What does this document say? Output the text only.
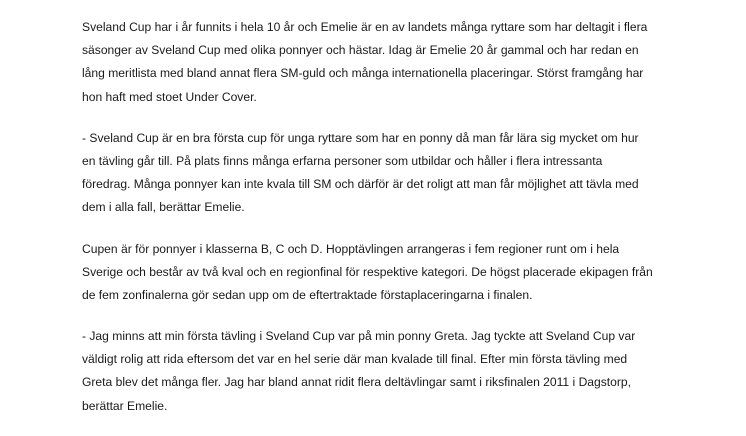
Sveland Cup har i år funnits i hela 10 år och Emelie är en av landets många ryttare som har deltagit i flera
säsonger av Sveland Cup med olika ponnyer och hästar. Idag är Emelie 20 år gammal och har redan en
lång meritlista med bland annat flera SM-guld och många internationella placeringar. Störst framgång har
hon haft med stoet Under Cover.

- Sveland Cup är en bra första cup för unga ryttare som har en ponny då man får lära sig mycket om hur
en tävling går till. På plats finns många erfarna personer som utbildar och håller i flera intressanta
föredrag. Många ponnyer kan inte kvala till SM och därför är det roligt att man får möjlighet att tävla med
dem i alla fall, berättar Emelie.

Cupen är för ponnyer i klasserna B, C och D. Hopptävlingen arrangeras i fem regioner runt om i hela
Sverige och består av två kval och en regionfinal för respektive kategori. De högst placerade ekipagen från
de fem zonfinalerna gör sedan upp om de eftertraktade förstaplaceringarna i finalen.

- Jag minns att min första tävling i Sveland Cup var på min ponny Greta. Jag tyckte att Sveland Cup var
väldigt rolig att rida eftersom det var en hel serie där man kvalade till final. Efter min första tävling med
Greta blev det många fler. Jag har bland annat ridit flera deltävlingar samt i riksfinalen 2011 i Dagstorp,
berättar Emelie.
